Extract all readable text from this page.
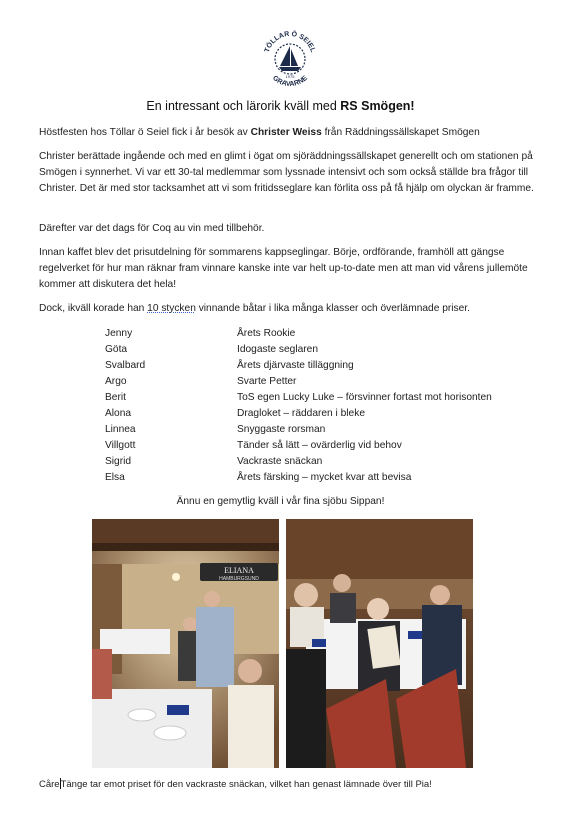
TÖLLAR Ö SEIEL
GRAVARNE
1975
En intressant och lärorik kväll med RS Smögen!

Höstfesten hos Töllar ö Seiel fick i år besök av Christer Weiss från Räddningssällskapet Smögen

Christer berättade ingående och med en glimt i ögat om sjöräddningssällskapet generellt och om stationen på Smögen i synnerhet. Vi var ett 30-tal medlemmar som lyssnade intensivt och som också ställde bra frågor till Christer. Det är med stor tacksamhet att vi som fritidsseglare kan förlita oss på få hjälp om olyckan är framme.

Därefter var det dags för Coq au vin med tillbehör.

Innan kaffet blev det prisutdelning för sommarens kappseglingar. Börje, ordförande, framhöll att gängse regelverket för hur man räknar fram vinnare kanske inte var helt up-to-date men att man vid vårens jullemöte kommer att diskutera det hela!

Dock, ikväll korade han 10 stycken vinnande båtar i lika många klasser och överlämnade priser.

Jenny	Årets Rookie
Göta	Idogaste seglaren
Svalbard	Årets djärvaste tilläggning
Argo	Svarte Petter
Berit	ToS egen Lucky Luke – försvinner fortast mot horisonten
Alona	Dragloket – räddaren i bleke
Linnea	Snyggaste rorsman
Villgott	Tänder så lätt – ovärderlig vid behov
Sigrid	Vackraste snäckan
Elsa	Årets färsking – mycket kvar att bevisa

Ännu en gemytlig kväll i vår fina sjöbu Sippan!

ELIANA
HAMBURGSUND

CåreTänge tar emot priset för den vackraste snäckan, vilket han genast lämnade över till Pia!
